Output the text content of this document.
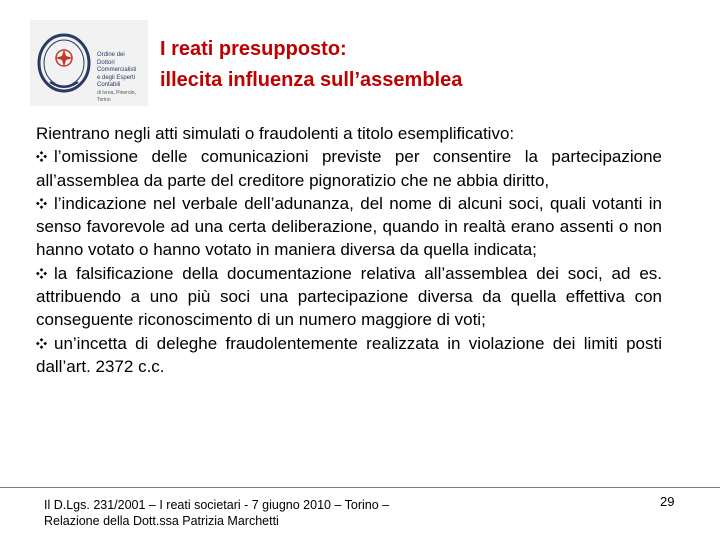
Ordine dei
Dottori Commercialisti
e degli Esperti Contabili
di Ivrea, Pinerolo, Torino
I reati presupposto:
illecita influenza sull’assemblea

Rientrano negli atti simulati o fraudolenti a titolo esemplificativo:

l’omissione delle comunicazioni previste per consentire la partecipazione all’assemblea da parte del creditore pignoratizio che ne abbia diritto,

l’indicazione nel verbale dell’adunanza, del nome di alcuni soci, quali votanti in senso favorevole ad una certa deliberazione, quando in realtà erano assenti o non hanno votato o hanno votato in maniera diversa da quella indicata;

la falsificazione della documentazione relativa all’assemblea dei soci, ad es. attribuendo a uno più soci una partecipazione diversa da quella effettiva con conseguente riconoscimento di un numero maggiore di voti;

un’incetta di deleghe fraudolentemente realizzata in violazione dei limiti posti dall’art. 2372 c.c.

Il D.Lgs. 231/2001 – I reati societari - 7 giugno 2010 – Torino –
Relazione della Dott.ssa Patrizia Marchetti
29
